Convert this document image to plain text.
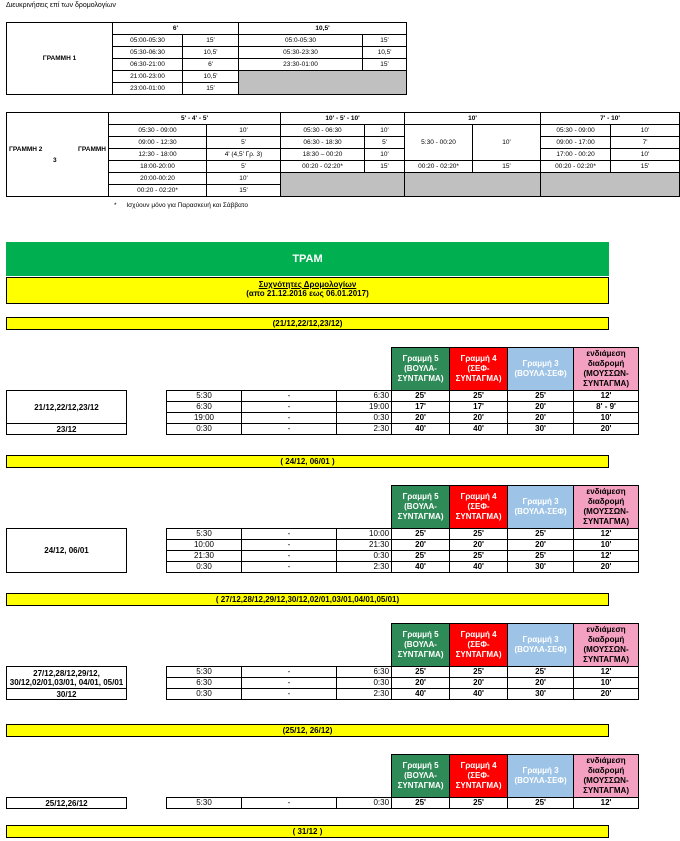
Διευκρινήσεις επί των δρομολογίων
ΓΡΑΜΜΗ 1	6'		10,5'	
	05:00-05:30	15'	05:0-05:30	15'
	05:30-06:30	10,5'	05:30-23:30	10,5'
	06:30-21:00	6'	23:30-01:00	15'
	21:00-23:00	10,5'		
	23:00-01:00	15'		
ΓΡΑΜΜΗ 2 ΓΡΑΜΜΗ

3	5' - 4' - 5'		10' - 5' - 10'		10'		7' - 10'	
	05:30 - 09:00	10'	05:30 - 06:30	10'	5:30 - 00:20	10'	05:30 - 09:00	10'
	09:00 - 12:30	5'	06:30 - 18:30	5'			09:00 - 17:00	7'
	12:30 - 18:00	4' (4,5' Γρ. 3)	18:30 – 00:20	10'			17:00 - 00:20	10'
	18:00-20:00	5'	00:20 - 02:20*	15'	00:20 - 02:20*	15'	00:20 - 02:20*	15'
	20:00-00:20	10'						
	00:20 - 02:20*	15'						
* Ισχύουν μόνο για Παρασκευή και Σάββατο
ΤΡΑΜ
Συχνότητες Δρομολογίων
(απο 21.12.2016 εως 06.01.2017)
(21/12,22/12,23/12)
					Γραμμή 5 (ΒΟΥΛΑ-ΣΥΝΤΑΓΜΑ)	Γραμμή 4 (ΣΕΦ-ΣΥΝΤΑΓΜΑ)	Γραμμή 3 (ΒΟΥΛΑ-ΣΕΦ)	ενδιάμεση διαδρομή (ΜΟΥΣΣΩΝ-ΣΥΝΤΑΓΜΑ)
21/12,22/12,23/12		5:30	-	6:30	25'	25'	25'	12'
		6:30	-	19:00	17'	17'	20'	8' - 9'
		19:00	-	0:30	20'	20'	20'	10'
23/12		0:30	-	2:30	40'	40'	30'	20'
( 24/12, 06/01 )
					Γραμμή 5 (ΒΟΥΛΑ-ΣΥΝΤΑΓΜΑ)	Γραμμή 4 (ΣΕΦ-ΣΥΝΤΑΓΜΑ)	Γραμμή 3 (ΒΟΥΛΑ-ΣΕΦ)	ενδιάμεση διαδρομή (ΜΟΥΣΣΩΝ-ΣΥΝΤΑΓΜΑ)
24/12, 06/01		5:30	-	10:00	25'	25'	25'	12'
		10:00	-	21:30	20'	20'	20'	10'
		21:30	-	0:30	25'	25'	25'	12'
		0:30	-	2:30	40'	40'	30'	20'
( 27/12,28/12,29/12,30/12,02/01,03/01,04/01,05/01)
					Γραμμή 5 (ΒΟΥΛΑ-ΣΥΝΤΑΓΜΑ)	Γραμμή 4 (ΣΕΦ-ΣΥΝΤΑΓΜΑ)	Γραμμή 3 (ΒΟΥΛΑ-ΣΕΦ)	ενδιάμεση διαδρομή (ΜΟΥΣΣΩΝ-ΣΥΝΤΑΓΜΑ)
27/12,28/12,29/12, 30/12,02/01,03/01, 04/01, 05/01		5:30	-	6:30	25'	25'	25'	12'
		6:30	-	0:30	20'	20'	20'	10'
30/12		0:30	-	2:30	40'	40'	30'	20'
(25/12, 26/12)
					Γραμμή 5 (ΒΟΥΛΑ-ΣΥΝΤΑΓΜΑ)	Γραμμή 4 (ΣΕΦ-ΣΥΝΤΑΓΜΑ)	Γραμμή 3 (ΒΟΥΛΑ-ΣΕΦ)	ενδιάμεση διαδρομή (ΜΟΥΣΣΩΝ-ΣΥΝΤΑΓΜΑ)
25/12,26/12		5:30	-	0:30	25'	25'	25'	12'
( 31/12 )
